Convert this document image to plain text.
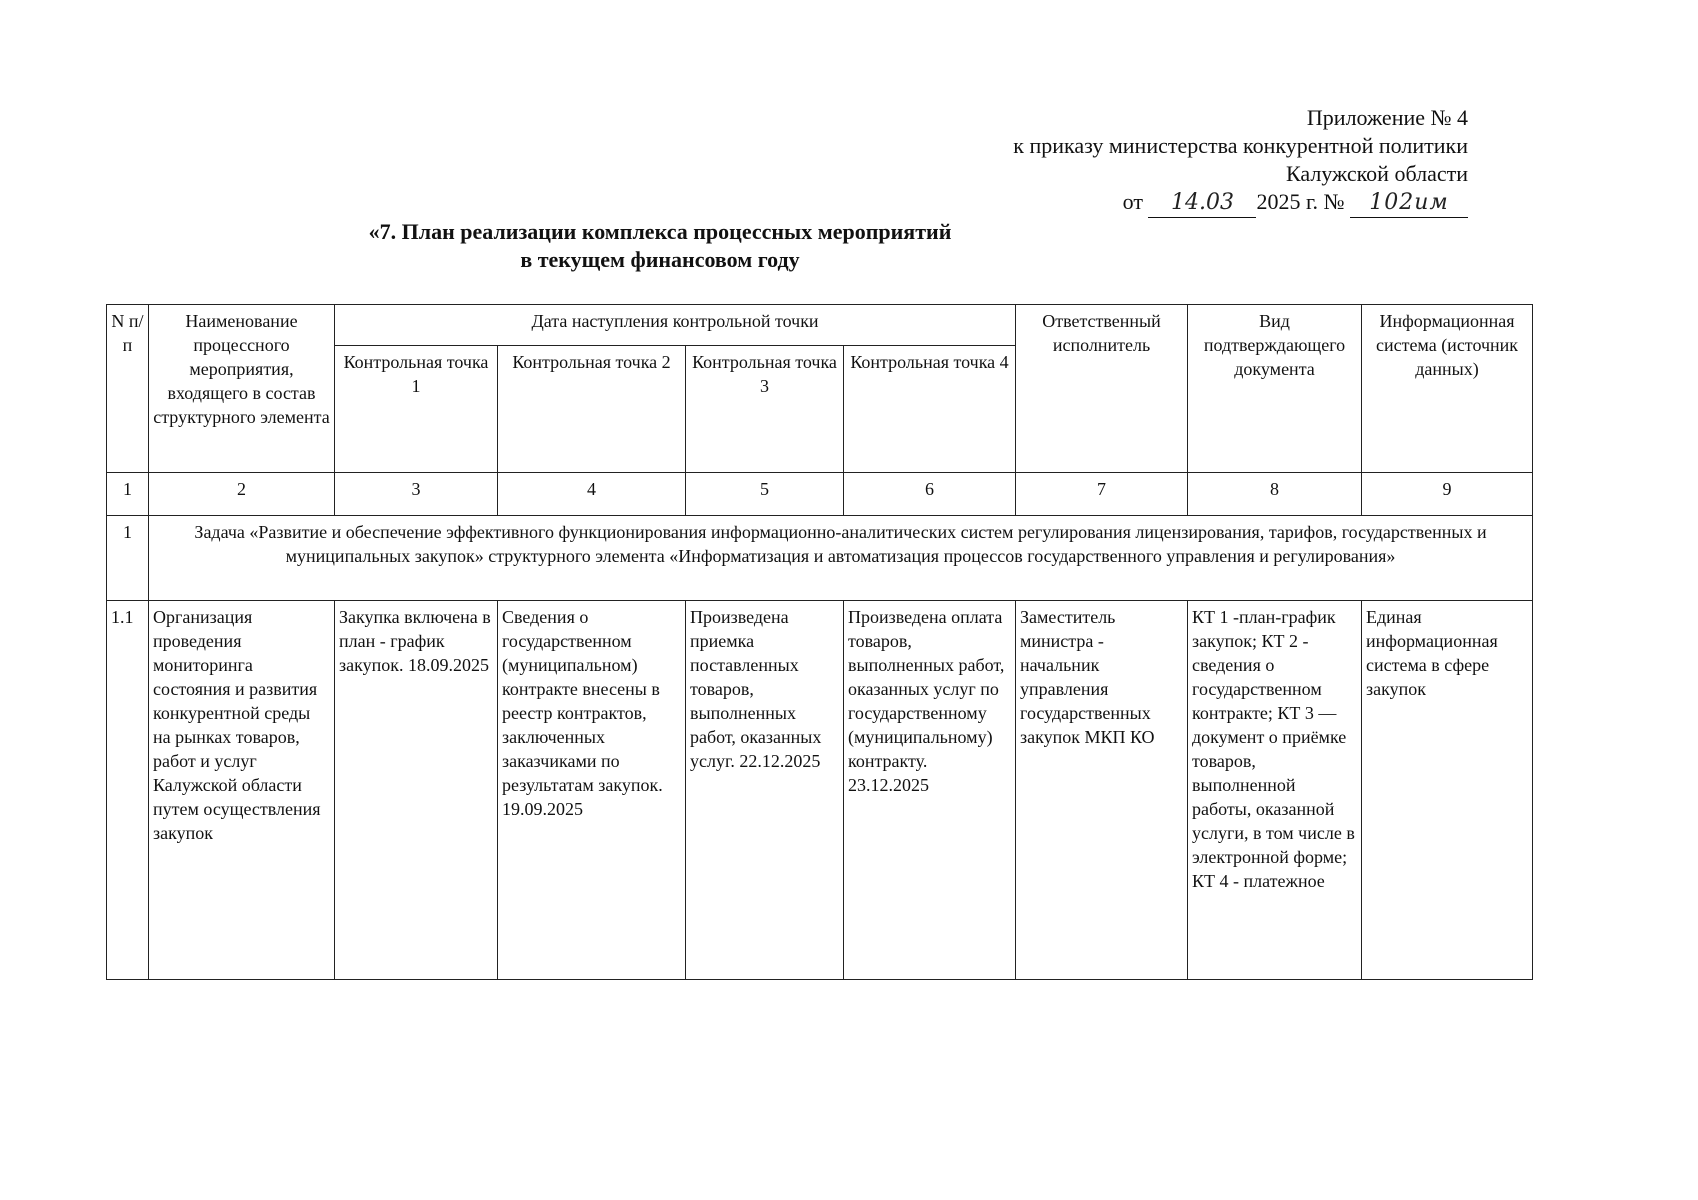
Приложение № 4
к приказу министерства конкурентной политики
Калужской области
от 14.03 2025 г. № 102им
«7. План реализации комплекса процессных мероприятий
в текущем финансовом году
N п/п	Наименование процессного мероприятия, входящего в состав структурного элемента	Дата наступления контрольной точки				Ответственный исполнитель	Вид подтверждающего документа	Информационная система (источник данных)
		Контрольная точка 1	Контрольная точка 2	Контрольная точка 3	Контрольная точка 4			
1	2	3	4	5	6	7	8	9
1	Задача «Развитие и обеспечение эффективного функционирования информационно-аналитических систем регулирования лицензирования, тарифов, государственных и муниципальных закупок» структурного элемента «Информатизация и автоматизация процессов государственного управления и регулирования»							
1.1	Организация проведения мониторинга состояния и развития конкурентной среды на рынках товаров, работ и услуг Калужской области путем осуществления закупок	Закупка включена в план - график закупок. 18.09.2025	Сведения о государственном (муниципальном) контракте внесены в реестр контрактов, заключенных заказчиками по результатам закупок. 19.09.2025	Произведена приемка поставленных товаров, выполненных работ, оказанных услуг. 22.12.2025	Произведена оплата товаров, выполненных работ, оказанных услуг по государственному (муниципальному) контракту. 23.12.2025	Заместитель министра - начальник управления государственных закупок МКП КО	КТ 1 -план-график закупок; КТ 2 - сведения о государственном контракте; КТ 3 — документ о приёмке товаров, выполненной работы, оказанной услуги, в том числе в электронной форме; КТ 4 - платежное	Единая информационная система в сфере закупок
